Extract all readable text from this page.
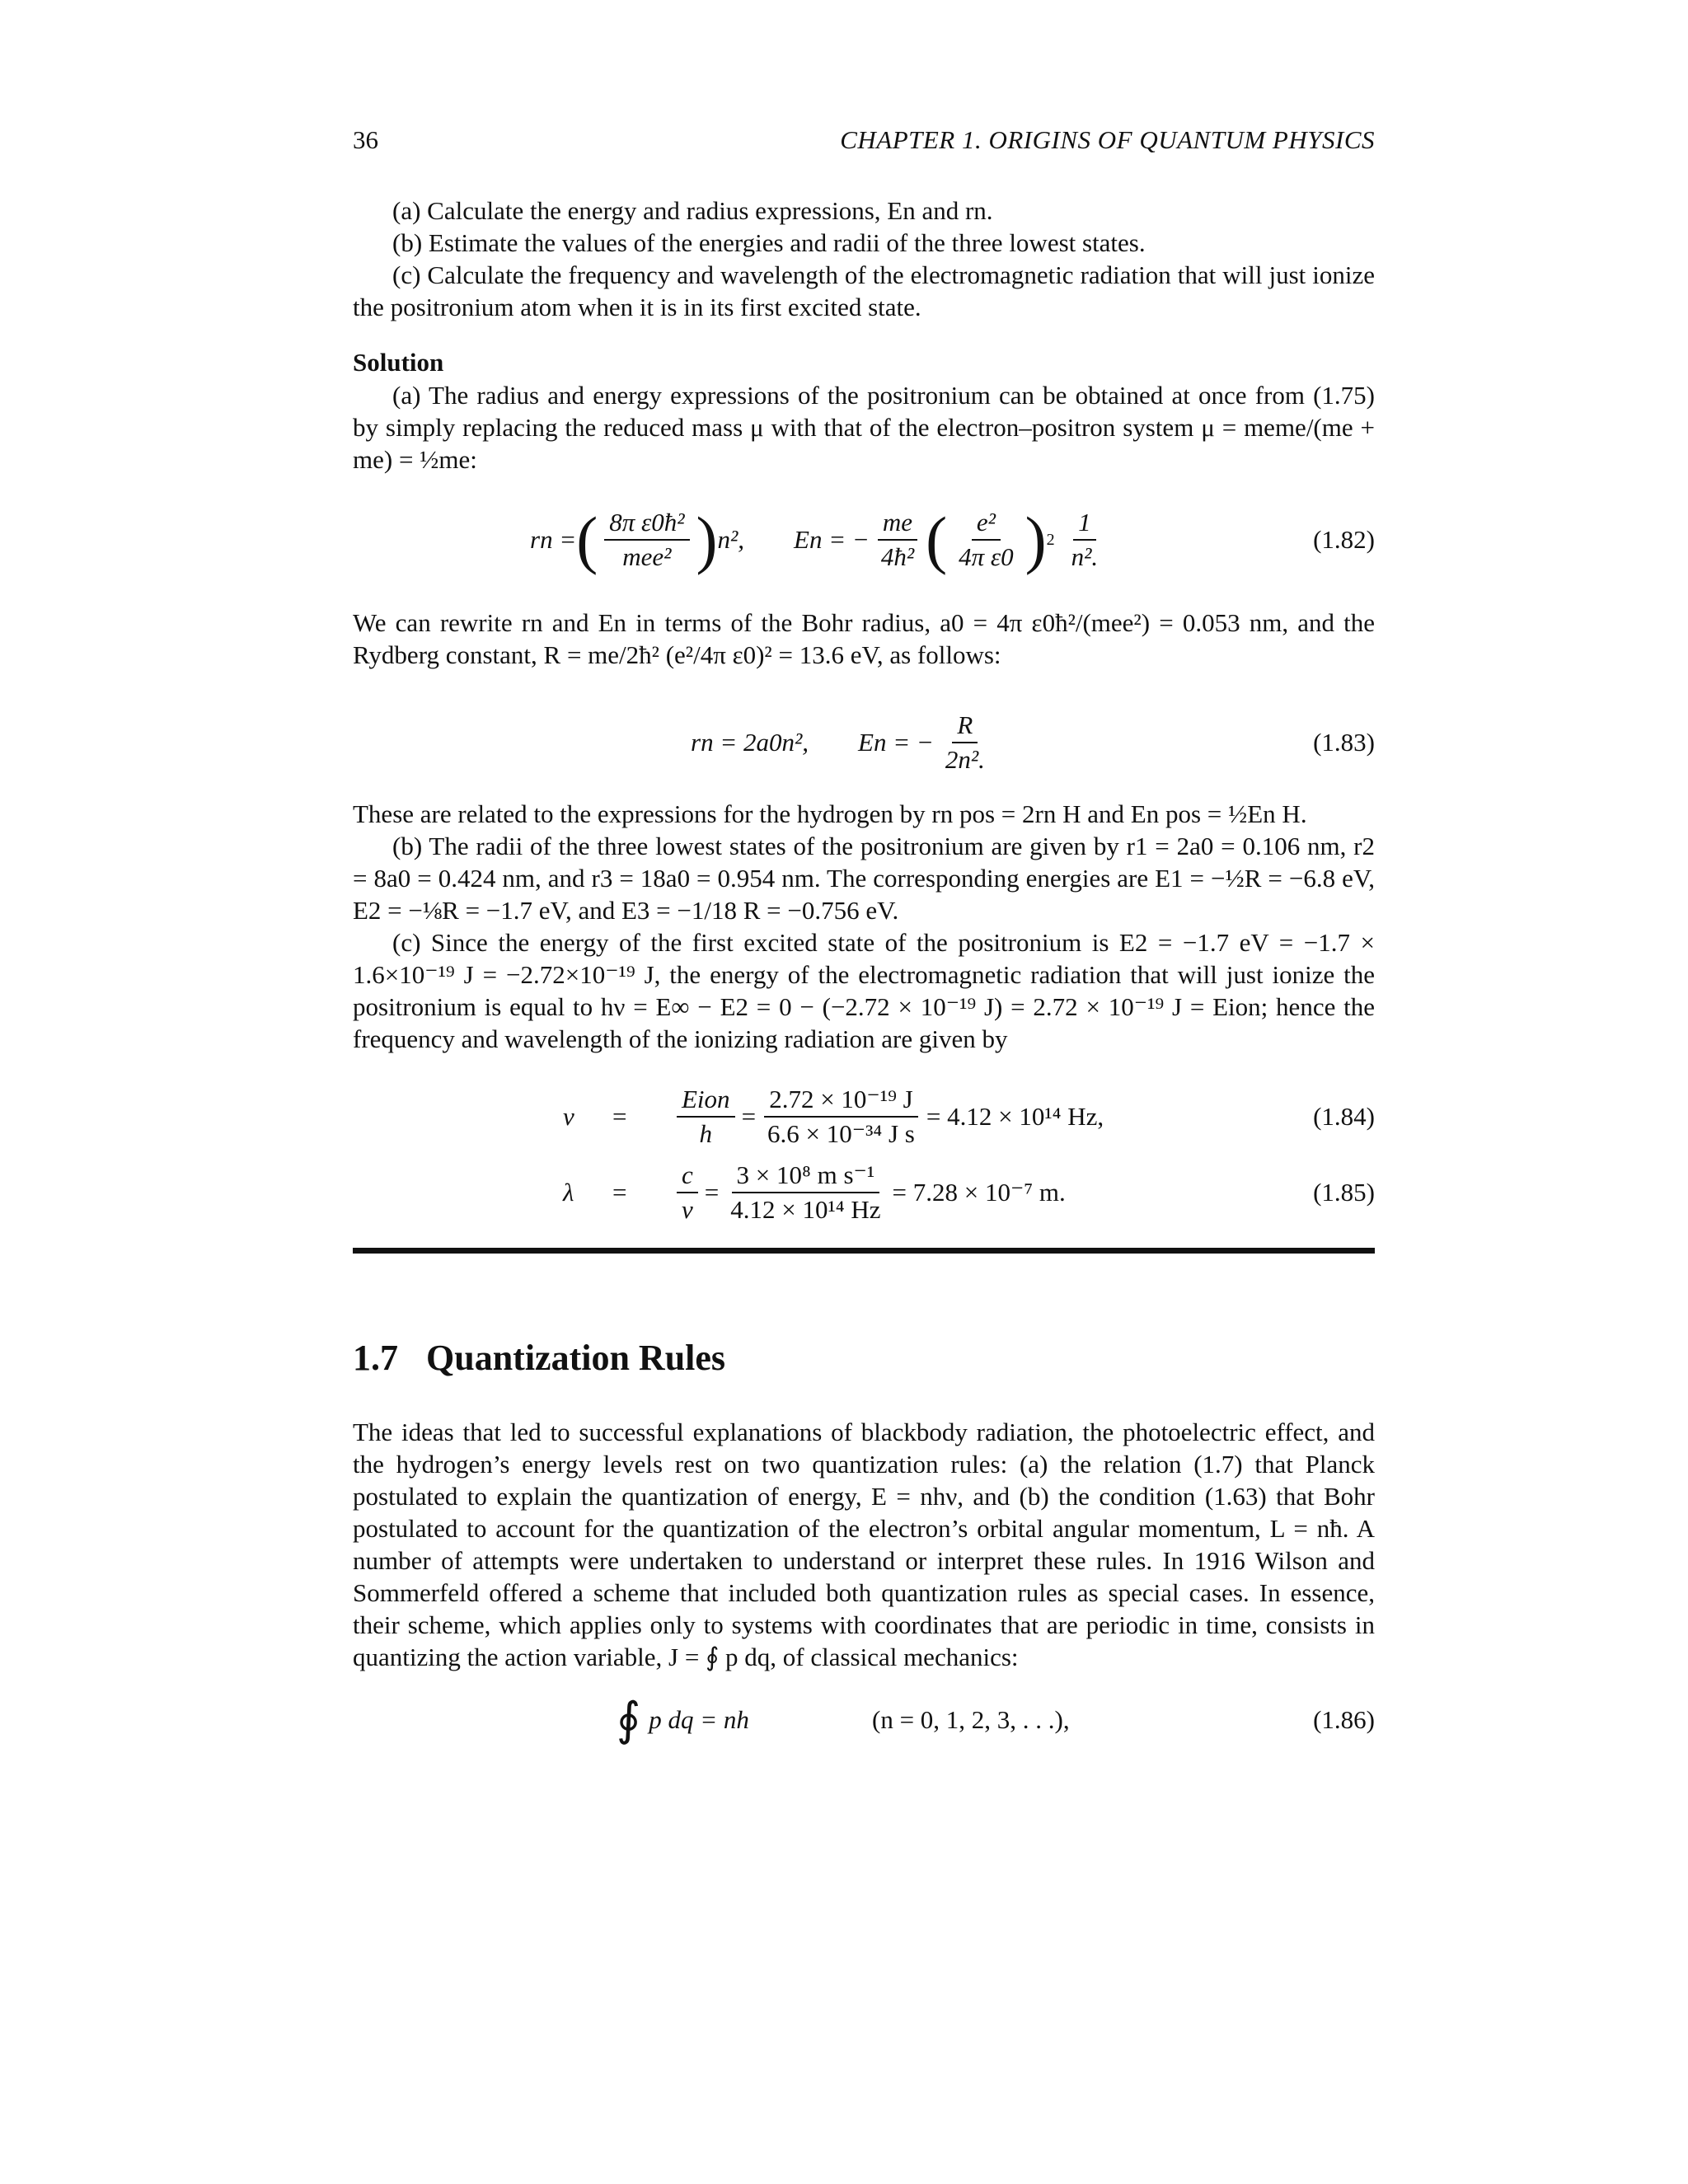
36	CHAPTER 1. ORIGINS OF QUANTUM PHYSICS
(a) Calculate the energy and radius expressions, En and rn.
(b) Estimate the values of the energies and radii of the three lowest states.
(c) Calculate the frequency and wavelength of the electromagnetic radiation that will just ionize the positronium atom when it is in its first excited state.
Solution
(a) The radius and energy expressions of the positronium can be obtained at once from (1.75) by simply replacing the reduced mass μ with that of the electron–positron system μ = memе/(me + me) = ½me:
rn = ( $\frac{\text{8π ε0ħ²}}{\text{mee²}}$ ) n², En = − $\frac{me}{\text{4ħ²}}$ ( $\frac{\text{e²}}{\text{4π ε0}}$ ) $2 \frac{1}{\text{n².}}$	(1.82)
We can rewrite rn and En in terms of the Bohr radius, a0 = 4π ε0ħ²/(mee²) = 0.053 nm, and the Rydberg constant, R = me/2ħ² (e²/4π ε0)² = 13.6 eV, as follows:
rn = 2a0n², En = − $\frac{R}{\text{2n².}}$	(1.83)
These are related to the expressions for the hydrogen by rn pos = 2rn H and En pos = ½En H.
(b) The radii of the three lowest states of the positronium are given by r1 = 2a0 = 0.106 nm, r2 = 8a0 = 0.424 nm, and r3 = 18a0 = 0.954 nm. The corresponding energies are E1 = −½R = −6.8 eV, E2 = −⅛R = −1.7 eV, and E3 = −1/18 R = −0.756 eV.
(c) Since the energy of the first excited state of the positronium is E2 = −1.7 eV = −1.7 × 1.6×10⁻¹⁹ J = −2.72×10⁻¹⁹ J, the energy of the electromagnetic radiation that will just ionize the positronium is equal to hν = E∞ − E2 = 0 − (−2.72 × 10⁻¹⁹ J) = 2.72 × 10⁻¹⁹ J = Eion; hence the frequency and wavelength of the ionizing radiation are given by
ν	=	$\frac{\text{Eion}}{h} = \frac{\text{2.72 × 10⁻¹⁹ J}}{\text{6.6 × 10⁻³⁴ J s}} = 4.12 \times 10^{14}$ Hz,	(1.84)
λ	=	$\frac{c}{\nu} = \frac{\text{3 × 10⁸ m s⁻¹}}{\text{4.12 × 10¹⁴ Hz}} = 7.28 \times 10^{-7}$ m.	(1.85)
1.7 Quantization Rules
The ideas that led to successful explanations of blackbody radiation, the photoelectric effect, and the hydrogen’s energy levels rest on two quantization rules: (a) the relation (1.7) that Planck postulated to explain the quantization of energy, E = nhν, and (b) the condition (1.63) that Bohr postulated to account for the quantization of the electron’s orbital angular momentum, L = nħ. A number of attempts were undertaken to understand or interpret these rules. In 1916 Wilson and Sommerfeld offered a scheme that included both quantization rules as special cases. In essence, their scheme, which applies only to systems with coordinates that are periodic in time, consists in quantizing the action variable, J = ∮ p dq, of classical mechanics:
∮ p dq = nh	(n = 0, 1, 2, 3, . . .),	(1.86)
